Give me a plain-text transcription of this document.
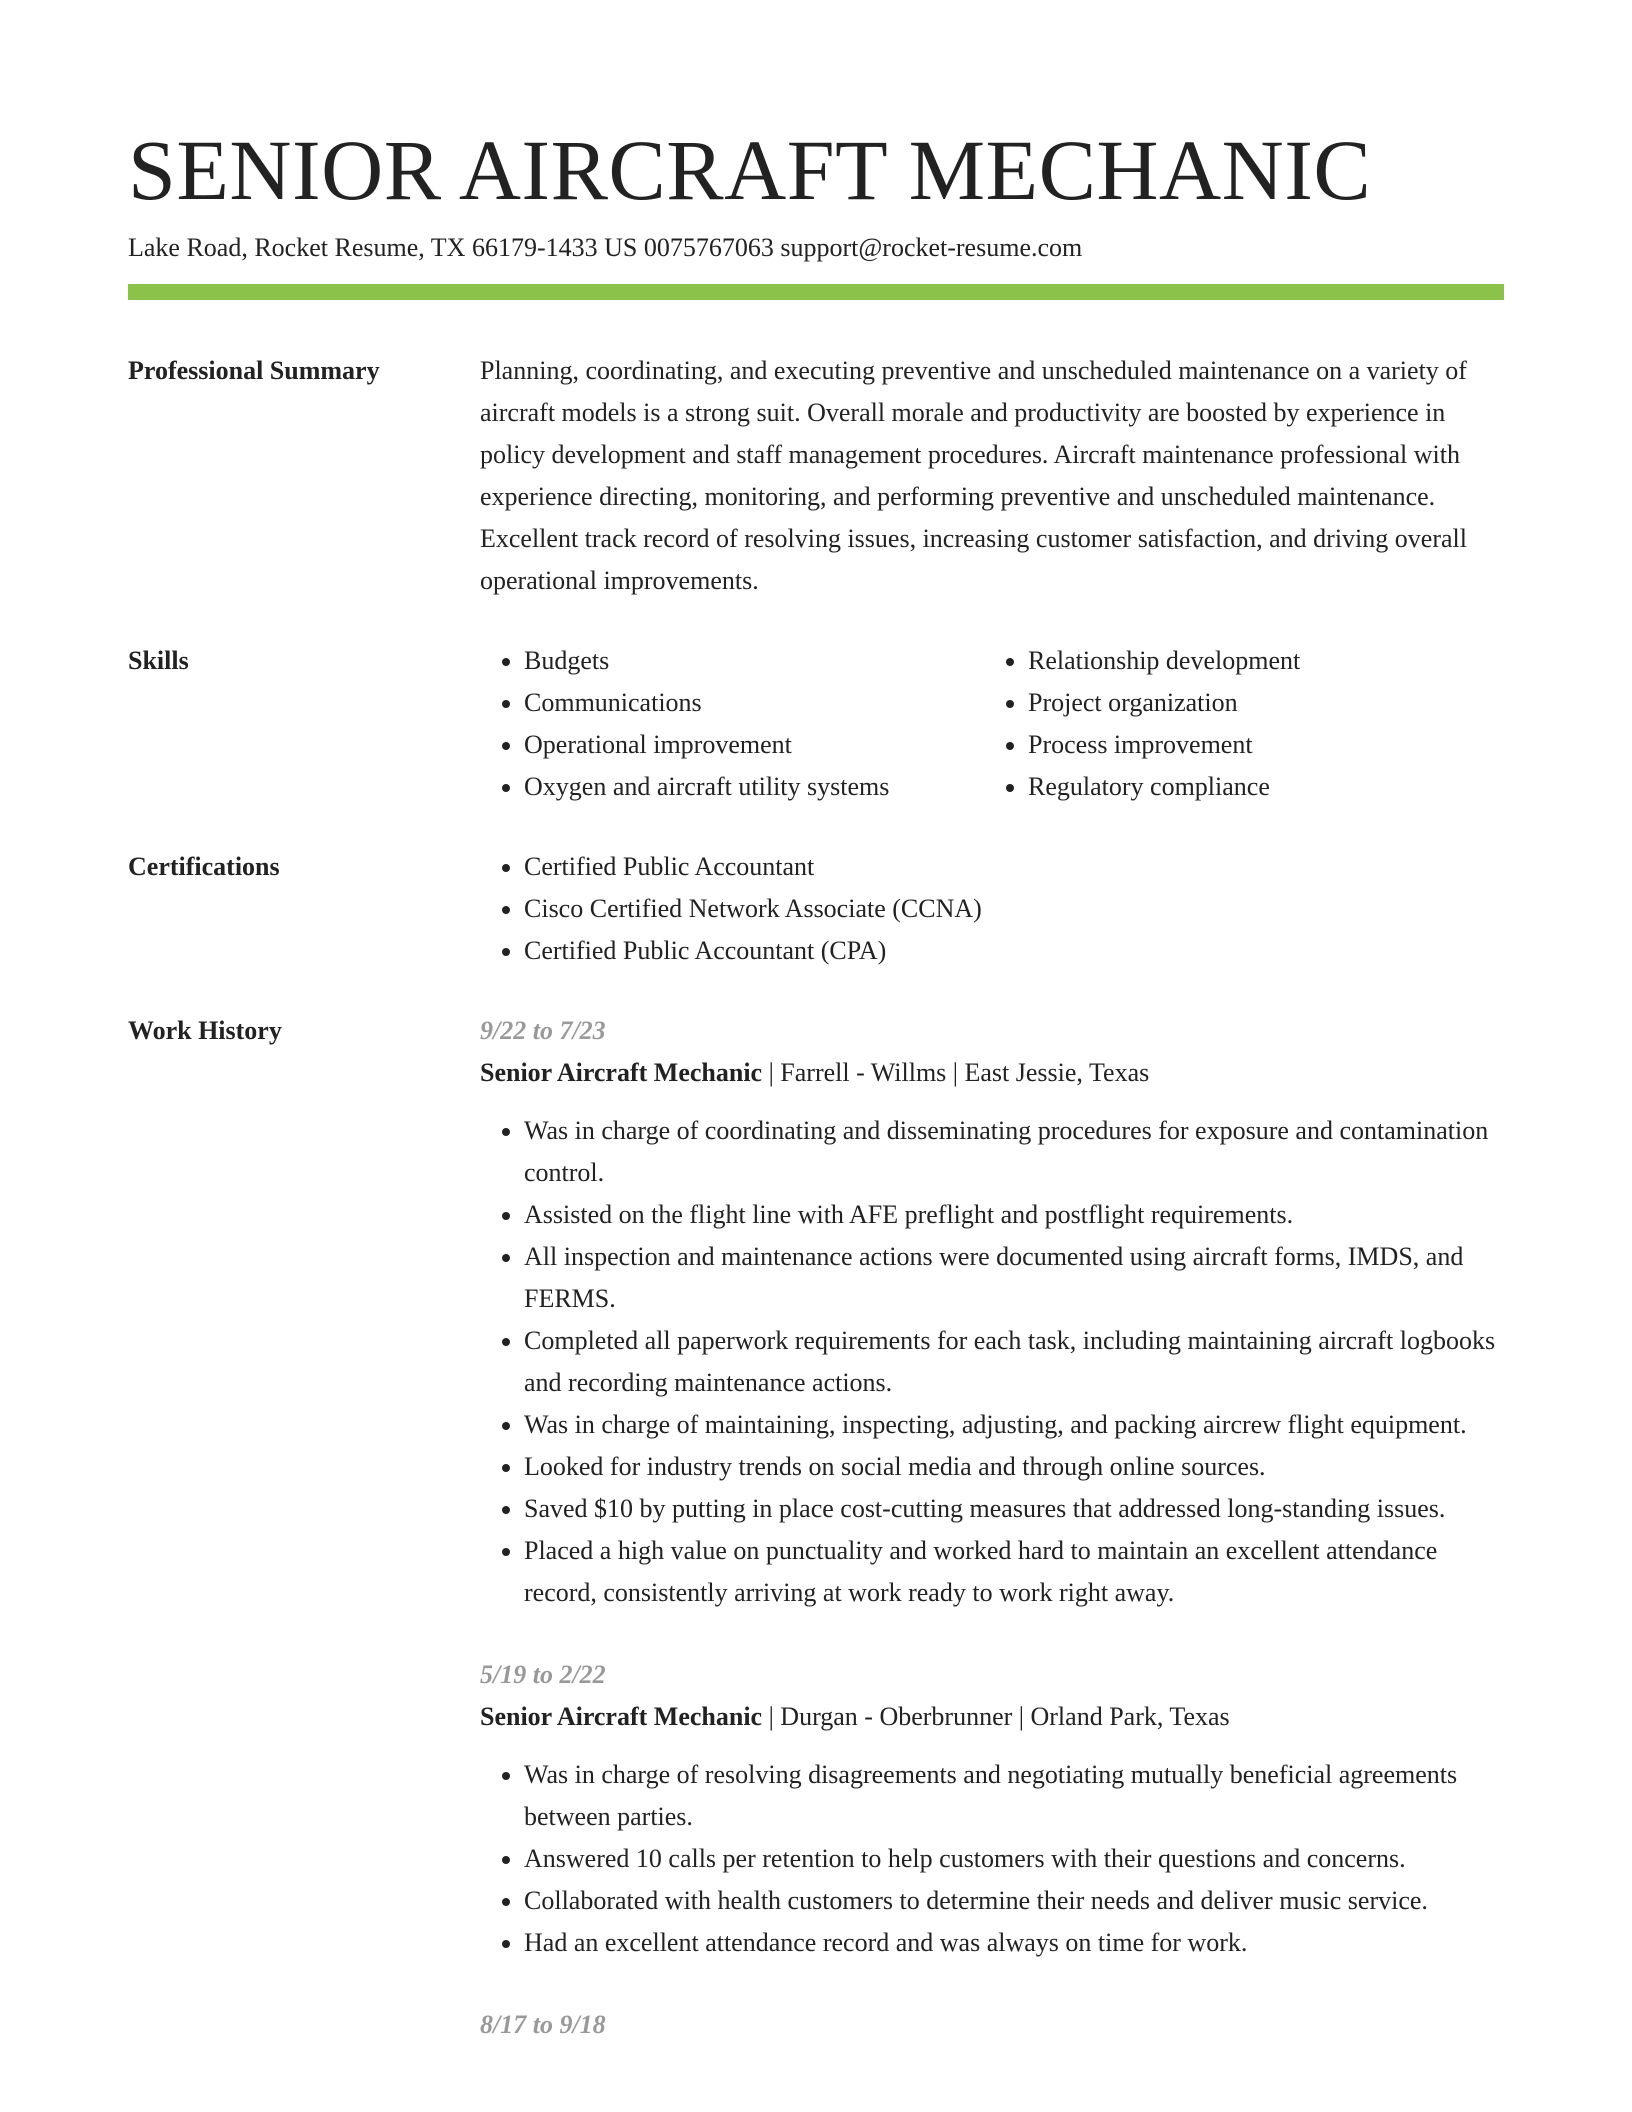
SENIOR AIRCRAFT MECHANIC
Lake Road, Rocket Resume, TX 66179-1433 US 0075767063 support@rocket-resume.com
Professional Summary	Planning, coordinating, and executing preventive and unscheduled maintenance on a variety of aircraft models is a strong suit. Overall morale and productivity are boosted by experience in policy development and staff management procedures. Aircraft maintenance professional with experience directing, monitoring, and performing preventive and unscheduled maintenance. Excellent track record of resolving issues, increasing customer satisfaction, and driving overall operational improvements.

Skills	• Budgets
• Communications
• Operational improvement
• Oxygen and aircraft utility systems
• Relationship development
• Project organization
• Process improvement
• Regulatory compliance
Certifications	• Certified Public Accountant
• Cisco Certified Network Associate (CCNA)
• Certified Public Accountant (CPA)
Work History	9/22 to 7/23
Senior Aircraft Mechanic | Farrell - Willms | East Jessie, Texas
• Was in charge of coordinating and disseminating procedures for exposure and contamination control.
• Assisted on the flight line with AFE preflight and postflight requirements.
• All inspection and maintenance actions were documented using aircraft forms, IMDS, and FERMS.
• Completed all paperwork requirements for each task, including maintaining aircraft logbooks and recording maintenance actions.
• Was in charge of maintaining, inspecting, adjusting, and packing aircrew flight equipment.
• Looked for industry trends on social media and through online sources.
• Saved $10 by putting in place cost-cutting measures that addressed long-standing issues.
• Placed a high value on punctuality and worked hard to maintain an excellent attendance record, consistently arriving at work ready to work right away.
5/19 to 2/22
Senior Aircraft Mechanic | Durgan - Oberbrunner | Orland Park, Texas
• Was in charge of resolving disagreements and negotiating mutually beneficial agreements between parties.
• Answered 10 calls per retention to help customers with their questions and concerns.
• Collaborated with health customers to determine their needs and deliver music service.
• Had an excellent attendance record and was always on time for work.
8/17 to 9/18
